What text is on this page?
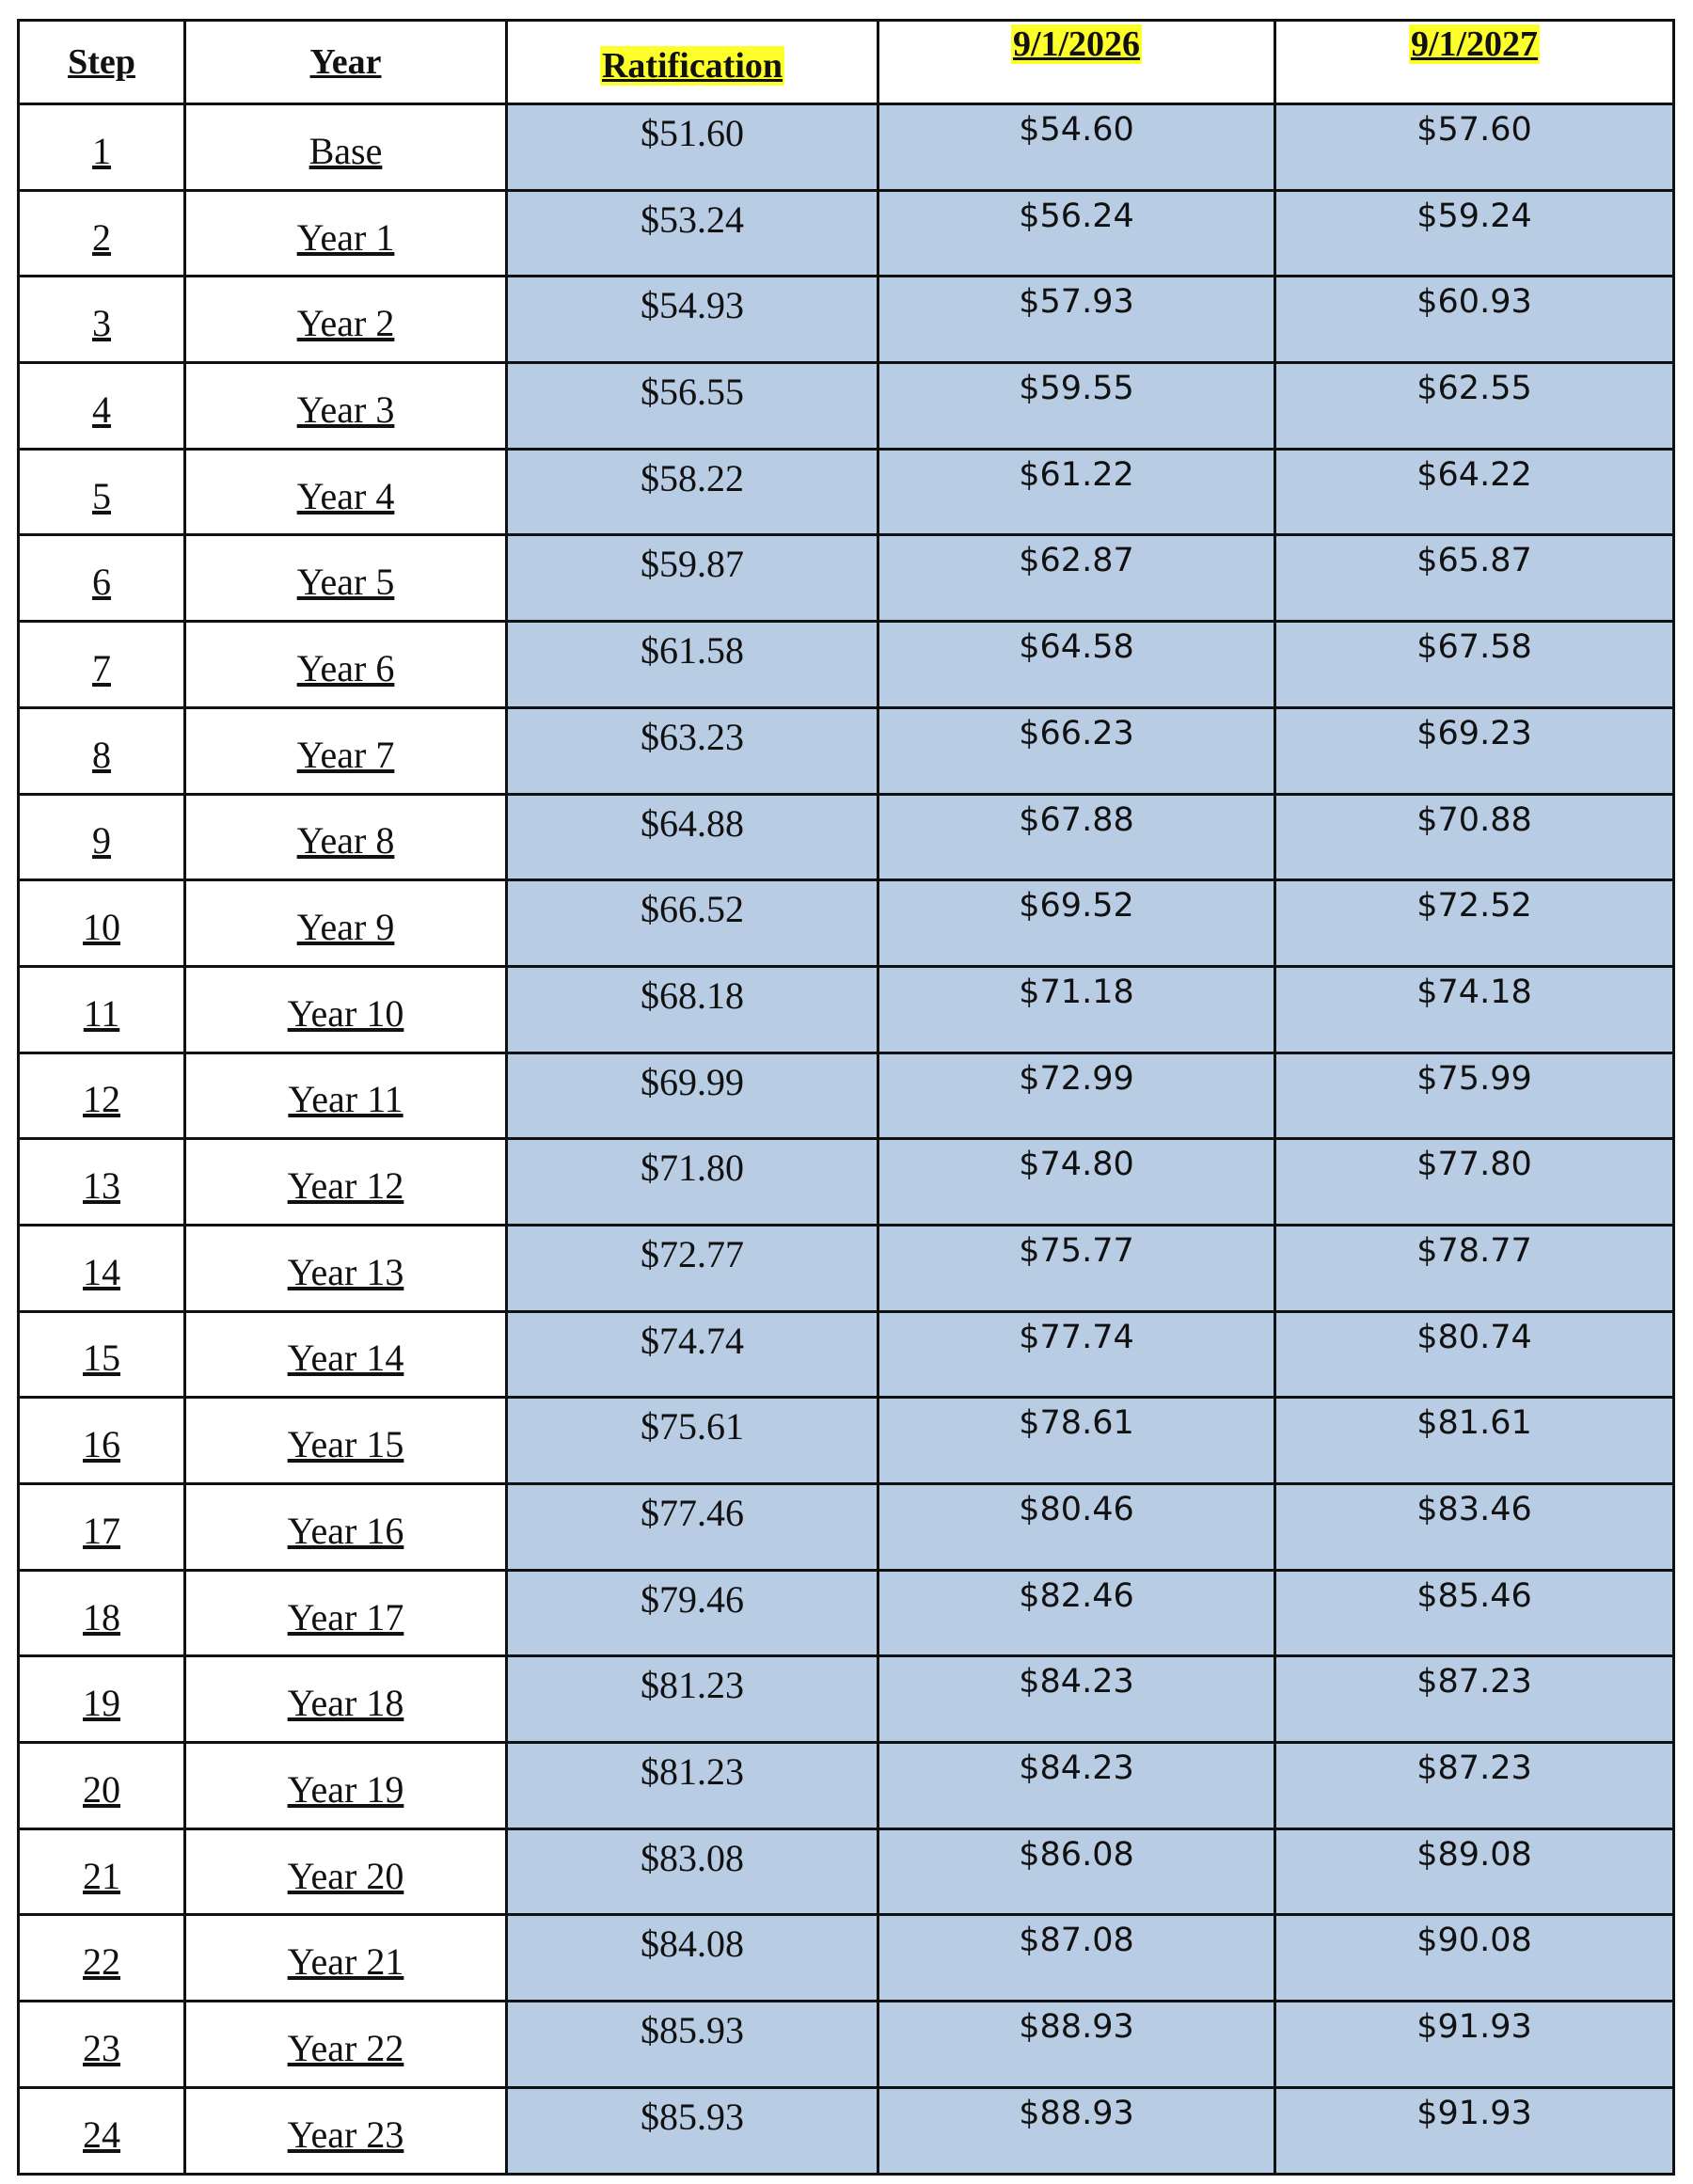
Step	Year	Ratification	9/1/2026	9/1/2027
1	Base	$51.60	$54.60	$57.60
2	Year 1	$53.24	$56.24	$59.24
3	Year 2	$54.93	$57.93	$60.93
4	Year 3	$56.55	$59.55	$62.55
5	Year 4	$58.22	$61.22	$64.22
6	Year 5	$59.87	$62.87	$65.87
7	Year 6	$61.58	$64.58	$67.58
8	Year 7	$63.23	$66.23	$69.23
9	Year 8	$64.88	$67.88	$70.88
10	Year 9	$66.52	$69.52	$72.52
11	Year 10	$68.18	$71.18	$74.18
12	Year 11	$69.99	$72.99	$75.99
13	Year 12	$71.80	$74.80	$77.80
14	Year 13	$72.77	$75.77	$78.77
15	Year 14	$74.74	$77.74	$80.74
16	Year 15	$75.61	$78.61	$81.61
17	Year 16	$77.46	$80.46	$83.46
18	Year 17	$79.46	$82.46	$85.46
19	Year 18	$81.23	$84.23	$87.23
20	Year 19	$81.23	$84.23	$87.23
21	Year 20	$83.08	$86.08	$89.08
22	Year 21	$84.08	$87.08	$90.08
23	Year 22	$85.93	$88.93	$91.93
24	Year 23	$85.93	$88.93	$91.93
